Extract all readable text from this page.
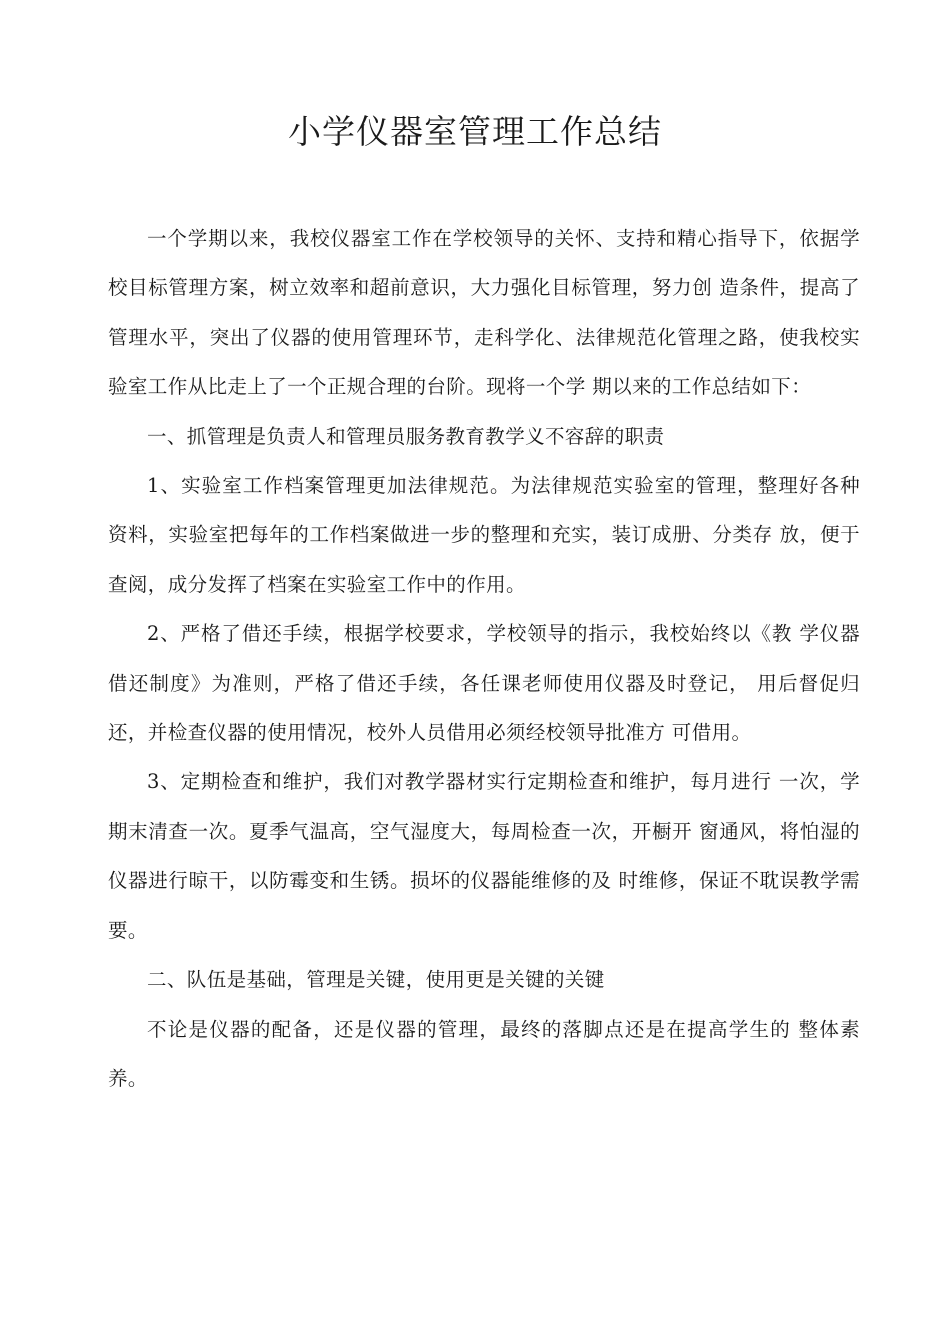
小学仪器室管理工作总结

一个学期以来，我校仪器室工作在学校领导的关怀、支持和精心指导下，依据学校目标管理方案，树立效率和超前意识，大力强化目标管理，努力创 造条件，提高了管理水平，突出了仪器的使用管理环节，走科学化、法律规范化管理之路，使我校实验室工作从比走上了一个正规合理的台阶。现将一个学 期以来的工作总结如下：

一、抓管理是负责人和管理员服务教育教学义不容辞的职责

1、实验室工作档案管理更加法律规范。为法律规范实验室的管理，整理好各种 资料，实验室把每年的工作档案做进一步的整理和充实，装订成册、分类存 放，便于查阅，成分发挥了档案在实验室工作中的作用。

2、严格了借还手续，根据学校要求，学校领导的指示，我校始终以《教 学仪器借还制度》为准则，严格了借还手续，各任课老师使用仪器及时登记， 用后督促归还，并检查仪器的使用情况，校外人员借用必须经校领导批准方 可借用。

3、定期检查和维护，我们对教学器材实行定期检查和维护，每月进行 一次，学期末清查一次。夏季气温高，空气湿度大，每周检查一次，开橱开 窗通风，将怕湿的仪器进行晾干，以防霉变和生锈。损坏的仪器能维修的及 时维修，保证不耽误教学需要。

二、队伍是基础，管理是关键，使用更是关键的关键

不论是仪器的配备，还是仪器的管理，最终的落脚点还是在提高学生的 整体素养。
